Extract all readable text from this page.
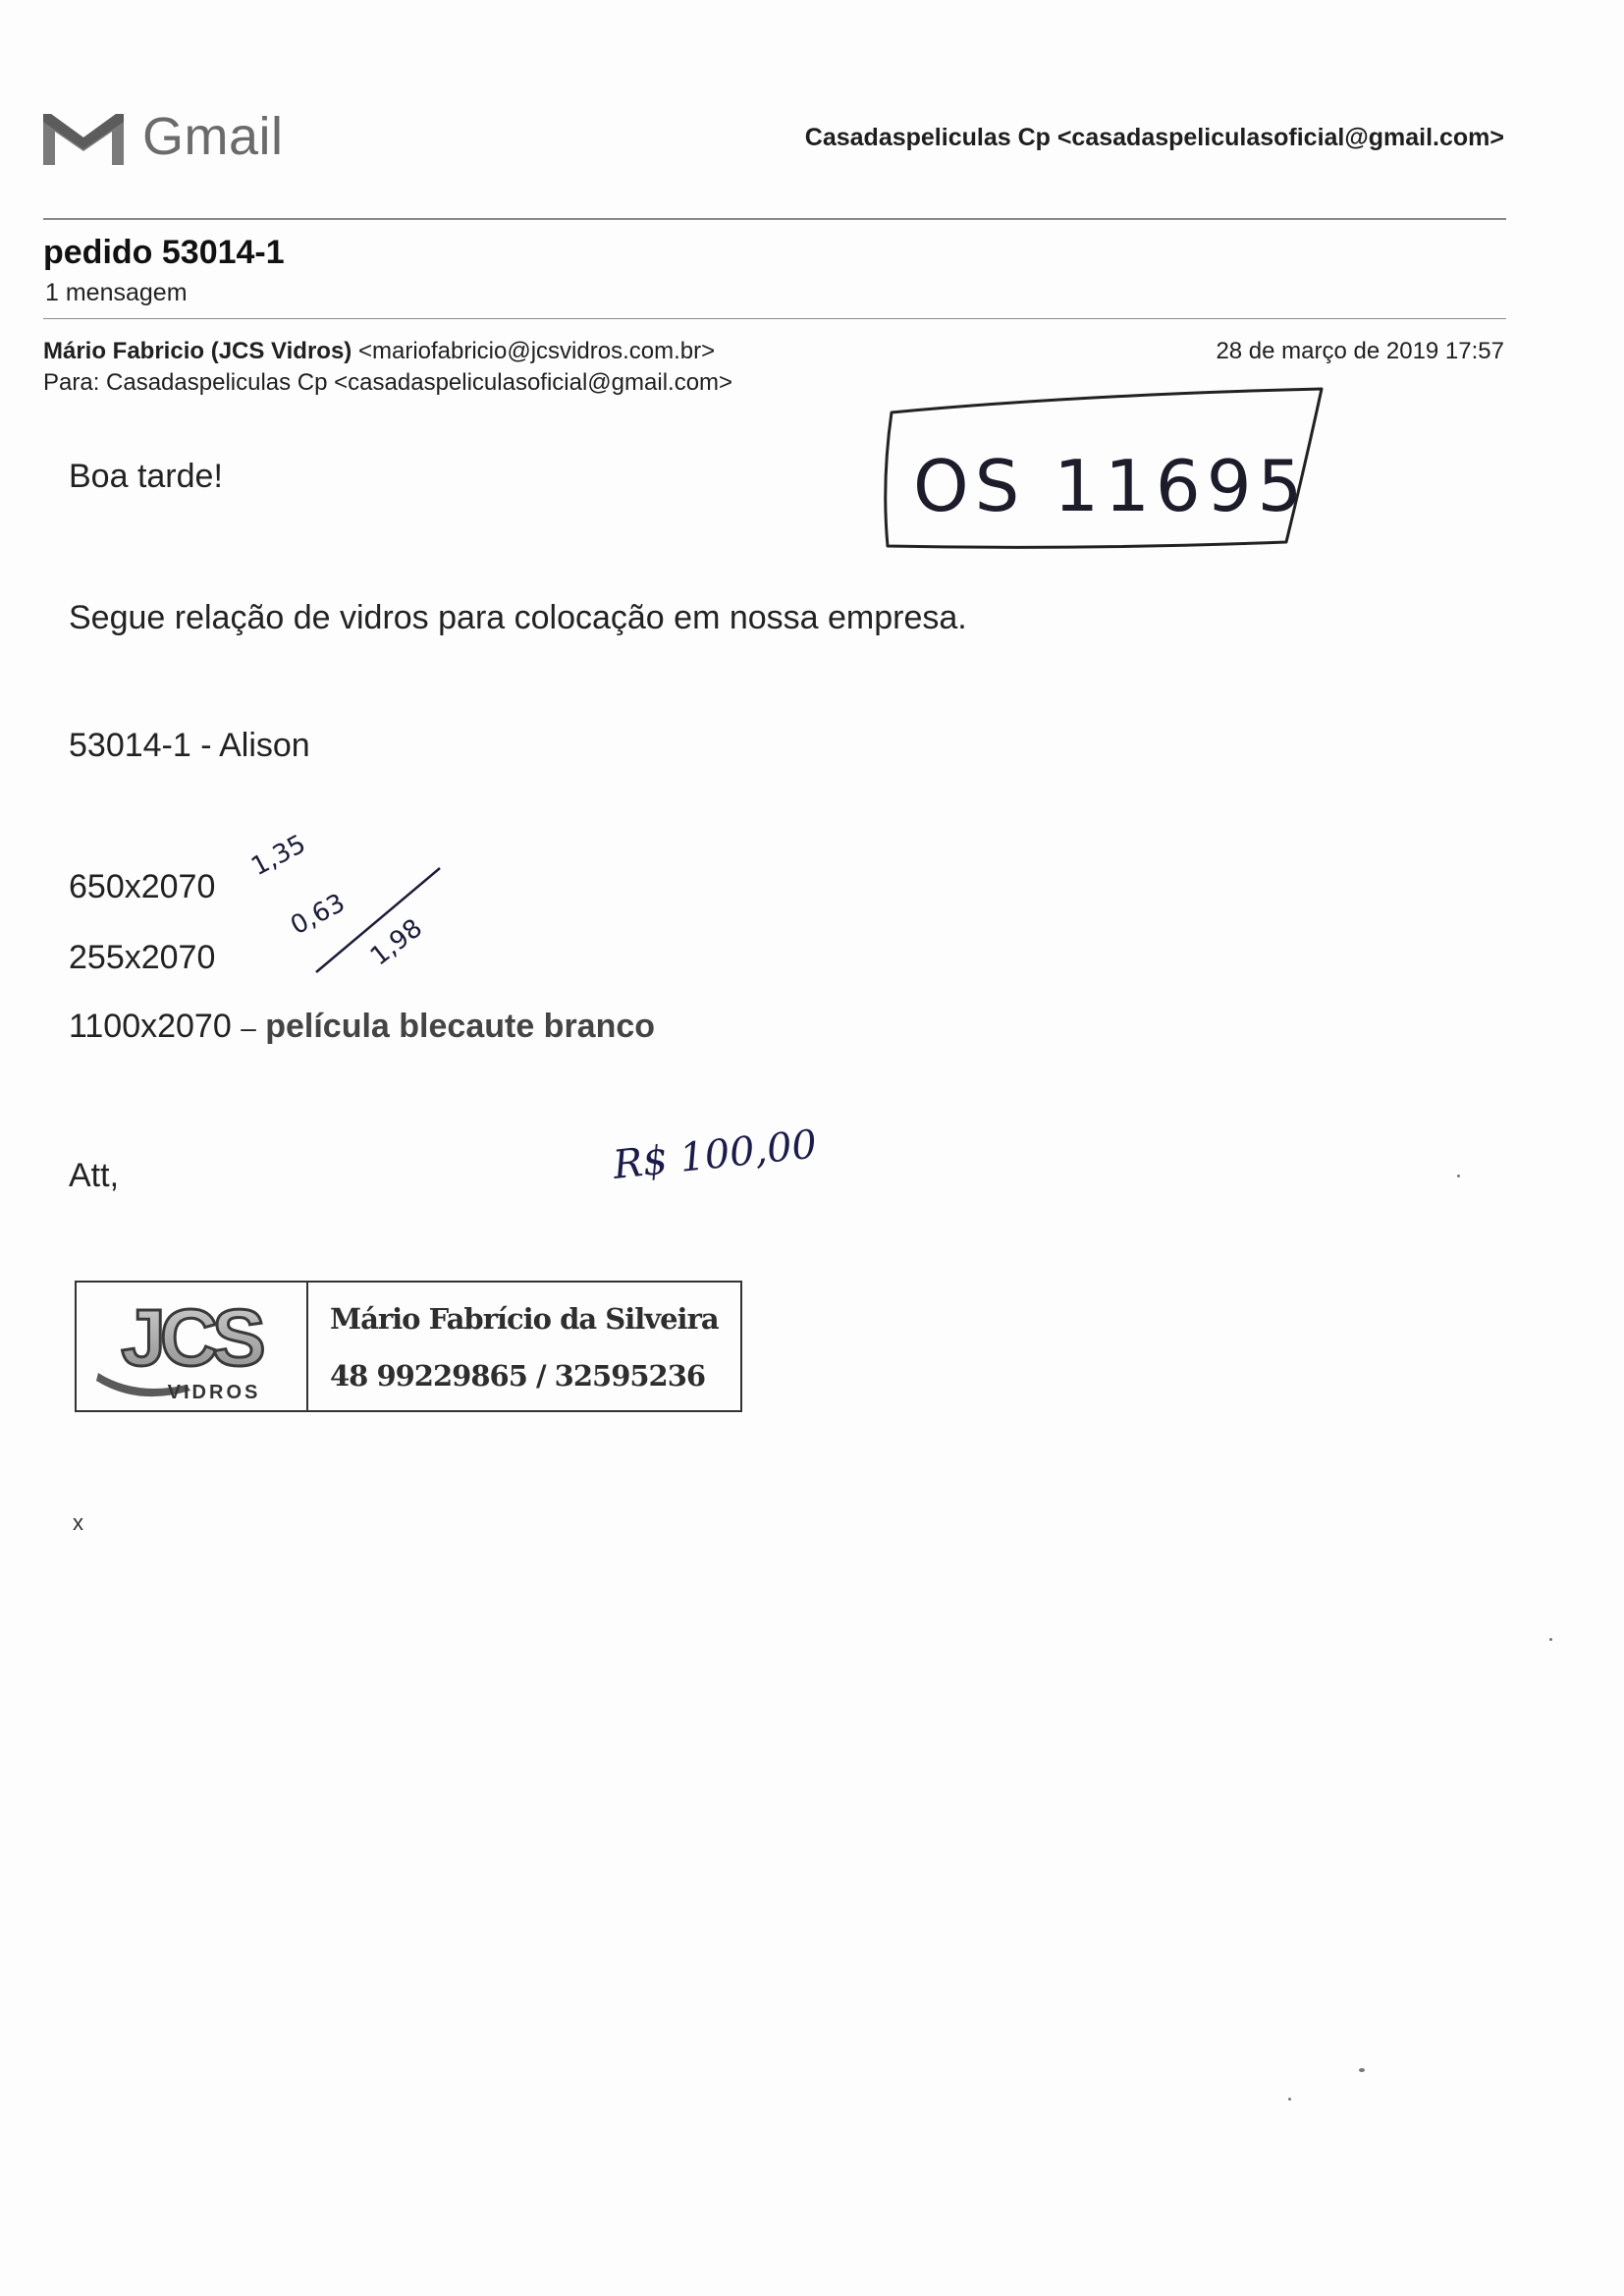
Gmail	Casadaspeliculas Cp <casadaspeliculasoficial@gmail.com>
pedido 53014-1
1 mensagem
Mário Fabricio (JCS Vidros) <mariofabricio@jcsvidros.com.br>	28 de março de 2019 17:57
Para: Casadaspeliculas Cp <casadaspeliculasoficial@gmail.com>
Boa tarde!
Segue relação de vidros para colocação em nossa empresa.
53014-1 - Alison
650x2070
255x2070
1100x2070 – película blecaute branco
Att,
JCS
VIDROS
Mário Fabrício da Silveira
48 99229865 / 32595236
x
OS 11695
1,35
0,63 1,98
R$ 100,00
